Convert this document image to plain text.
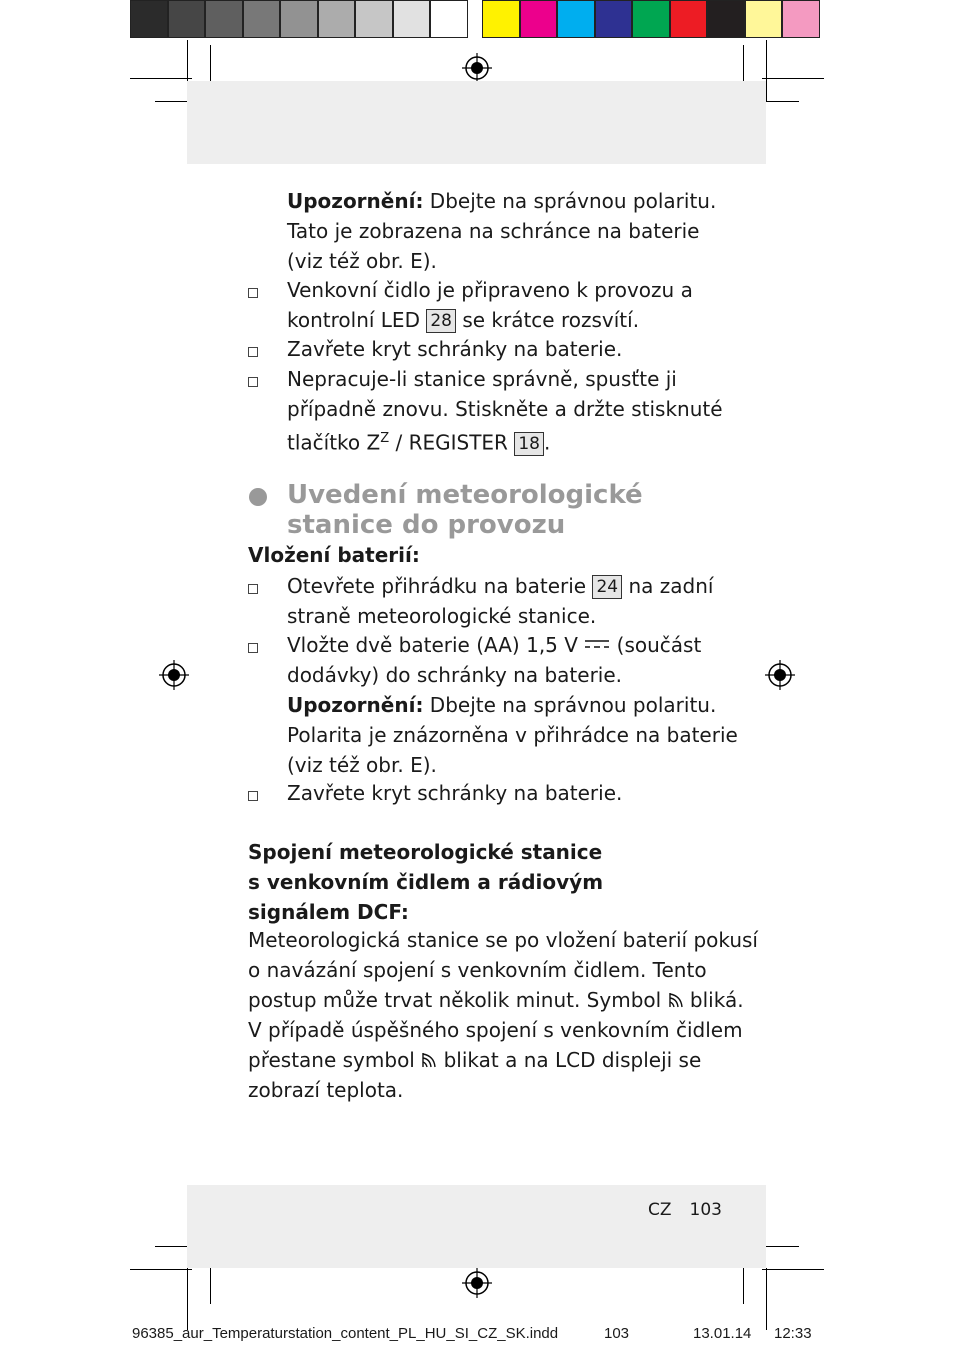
Upozornění: Dbejte na správnou polaritu.
Tato je zobrazena na schránce na baterie
(viz též obr. E).
Venkovní čidlo je připraveno k provozu a
kontrolní LED 28 se krátce rozsvítí.
Zavřete kryt schránky na baterie.
Nepracuje-li stanice správně, spusťte ji
případně znovu. Stiskněte a držte stisknuté
tlačítko $Z^Z$ / REGISTER 18 .
Uvedení meteorologické
stanice do provozu
Vložení baterií:
Otevřete přihrádku na baterie 24 na zadní
straně meteorologické stanice.
Vložte dvě baterie (AA) 1,5 V  (součást
dodávky) do schránky na baterie.
Upozornění: Dbejte na správnou polaritu.
Polarita je znázorněna v přihrádce na baterie
(viz též obr. E).
Zavřete kryt schránky na baterie.
Spojení meteorologické stanice
s venkovním čidlem a rádiovým
signálem DCF:
Meteorologická stanice se po vložení baterií pokusí
o navázání spojení s venkovním čidlem. Tento
postup může trvat několik minut. Symbol  bliká.
V případě úspěšného spojení s venkovním čidlem
přestane symbol  blikat a na LCD displeji se
zobrazí teplota.
CZ 103
96385_aur_Temperaturstation_content_PL_HU_SI_CZ_SK.indd	103	13.01.14 12:33
